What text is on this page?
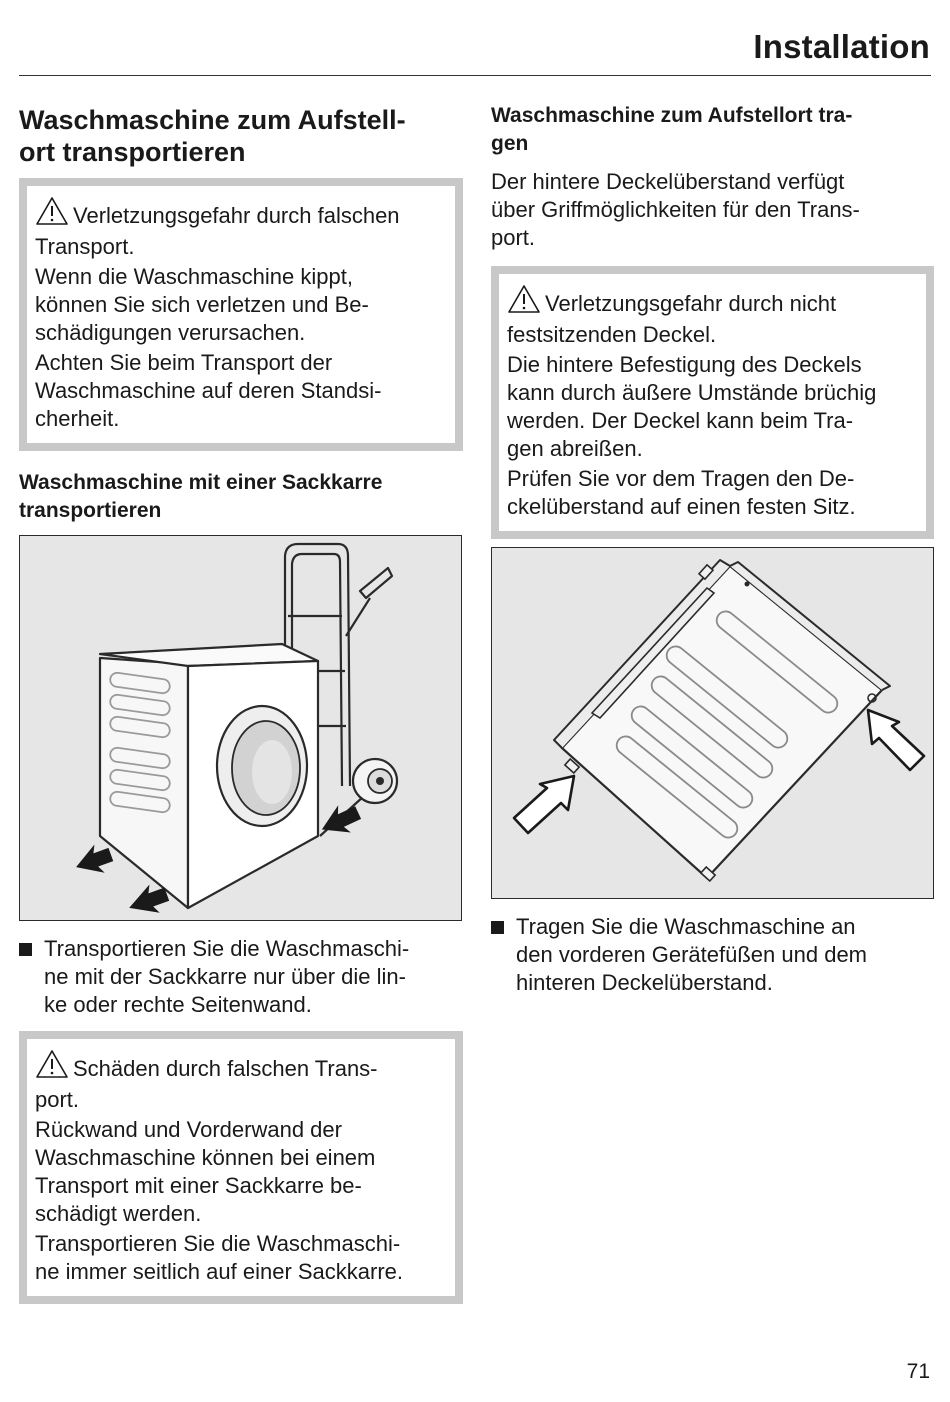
Installation
Waschmaschine zum Aufstell-
ort transportieren

Verletzungsgefahr durch falschen
Transport.

Wenn die Waschmaschine kippt,
können Sie sich verletzen und Be-
schädigungen verursachen.

Achten Sie beim Transport der
Waschmaschine auf deren Standsi-
cherheit.

Waschmaschine mit einer Sackkarre
transportieren
Transportieren Sie die Waschmaschi-
ne mit der Sackkarre nur über die lin-
ke oder rechte Seitenwand.

Schäden durch falschen Trans-
port.

Rückwand und Vorderwand der
Waschmaschine können bei einem
Transport mit einer Sackkarre be-
schädigt werden.

Transportieren Sie die Waschmaschi-
ne immer seitlich auf einer Sackkarre.

Waschmaschine zum Aufstellort tra-
gen

Der hintere Deckelüberstand verfügt
über Griffmöglichkeiten für den Trans-
port.

Verletzungsgefahr durch nicht
festsitzenden Deckel.

Die hintere Befestigung des Deckels
kann durch äußere Umstände brüchig
werden. Der Deckel kann beim Tra-
gen abreißen.

Prüfen Sie vor dem Tragen den De-
ckelüberstand auf einen festen Sitz.

Tragen Sie die Waschmaschine an
den vorderen Gerätefüßen und dem
hinteren Deckelüberstand.
71
